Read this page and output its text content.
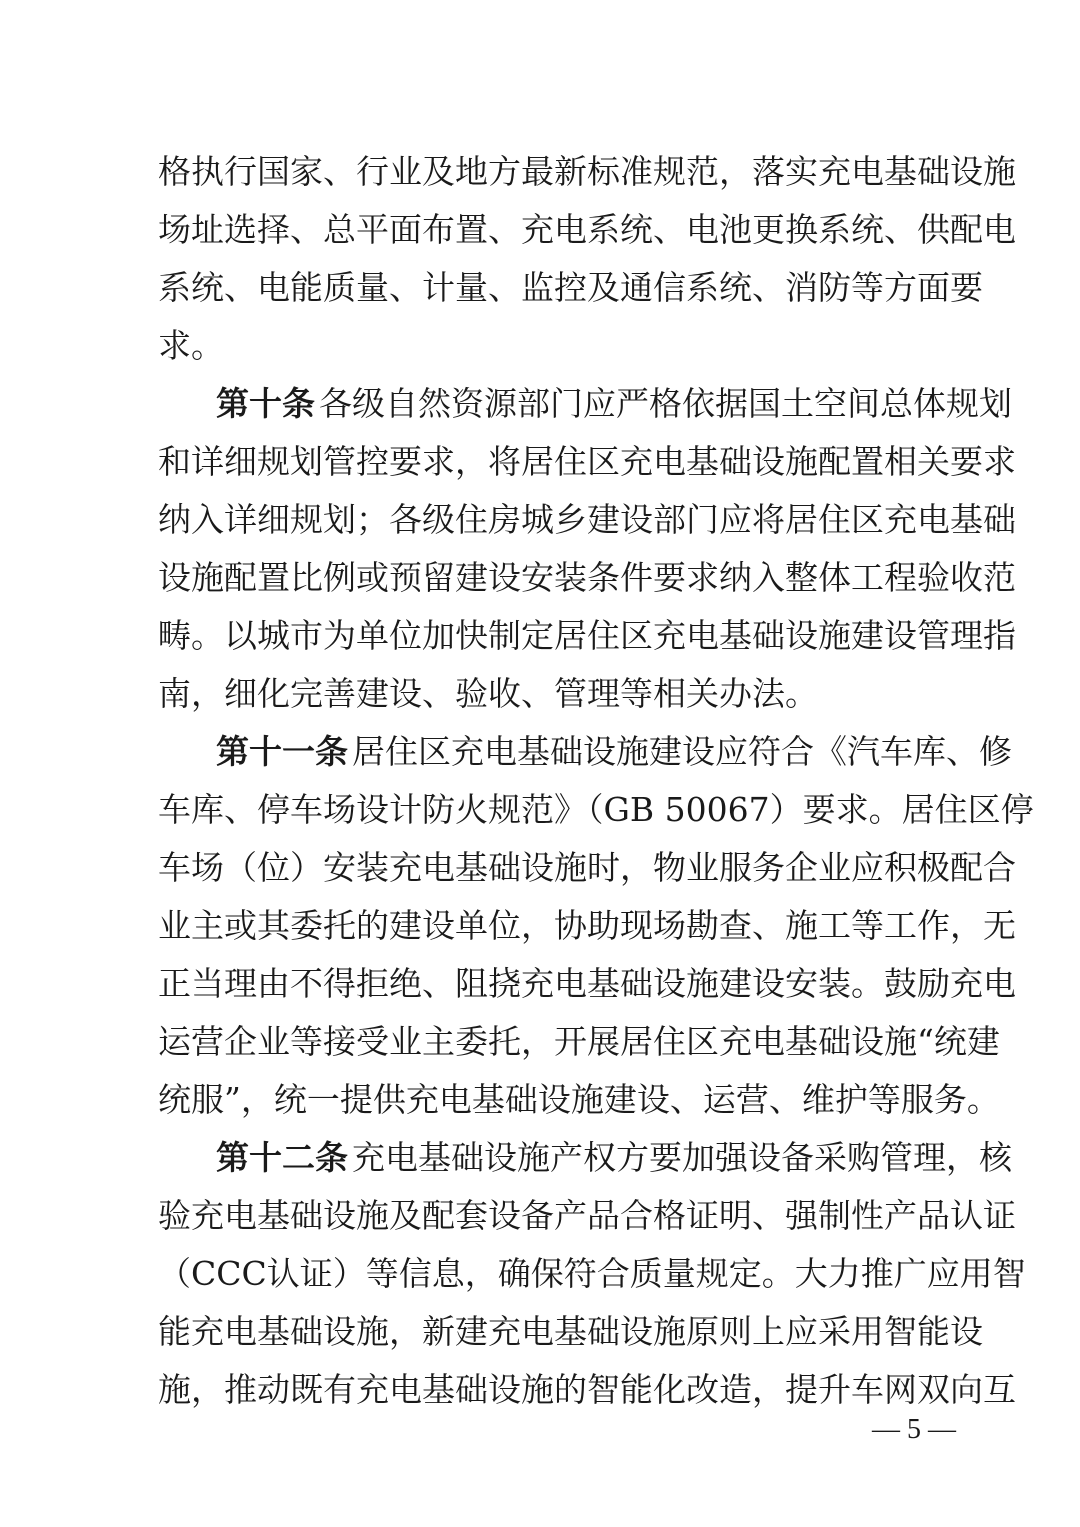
格执行国家、行业及地方最新标准规范，落实充电基础设施
场址选择、总平面布置、充电系统、电池更换系统、供配电
系统、电能质量、计量、监控及通信系统、消防等方面要
求。
第十条 各级自然资源部门应严格依据国土空间总体规划
和详细规划管控要求，将居住区充电基础设施配置相关要求
纳入详细规划；各级住房城乡建设部门应将居住区充电基础
设施配置比例或预留建设安装条件要求纳入整体工程验收范
畴。以城市为单位加快制定居住区充电基础设施建设管理指
南，细化完善建设、验收、管理等相关办法。
第十一条 居住区充电基础设施建设应符合《汽车库、修
车库、停车场设计防火规范》（GB 50067）要求。居住区停
车场（位）安装充电基础设施时，物业服务企业应积极配合
业主或其委托的建设单位，协助现场勘查、施工等工作，无
正当理由不得拒绝、阻挠充电基础设施建设安装。鼓励充电
运营企业等接受业主委托，开展居住区充电基础设施“统建
统服”，统一提供充电基础设施建设、运营、维护等服务。
第十二条 充电基础设施产权方要加强设备采购管理，核
验充电基础设施及配套设备产品合格证明、强制性产品认证
（CCC认证）等信息，确保符合质量规定。大力推广应用智
能充电基础设施，新建充电基础设施原则上应采用智能设
施，推动既有充电基础设施的智能化改造，提升车网双向互
— 5 —
